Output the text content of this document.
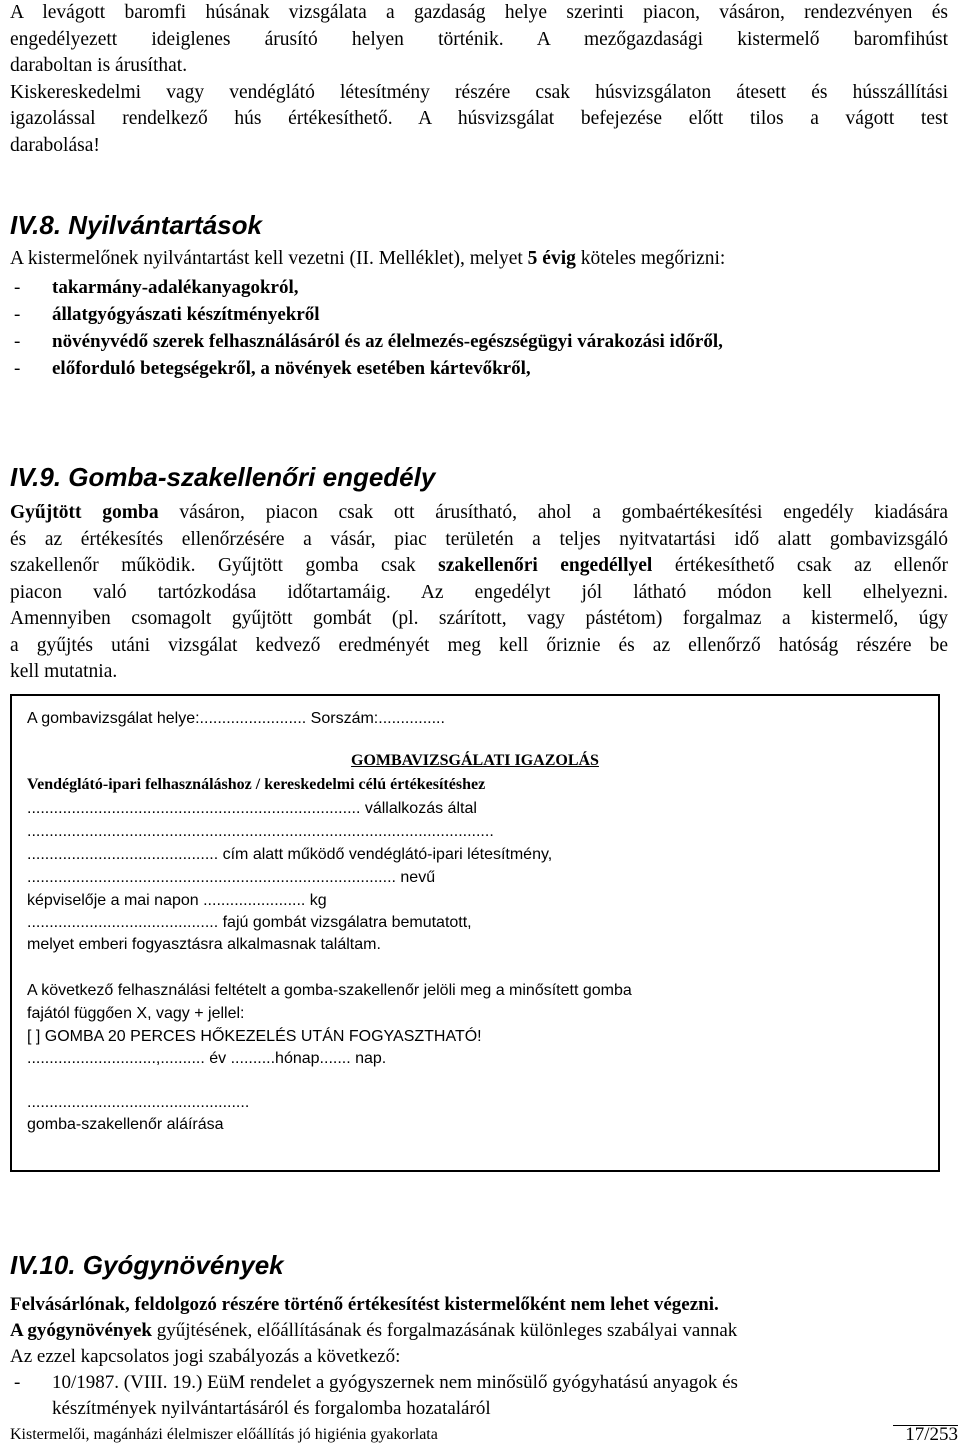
A levágott baromfi húsának vizsgálata a gazdaság helye szerinti piacon, vásáron, rendezvényen és
engedélyezett ideiglenes árusító helyen történik. A mezőgazdasági kistermelő baromfihúst
daraboltan is árusíthat.
Kiskereskedelmi vagy vendéglátó létesítmény részére csak húsvizsgálaton átesett és hússzállítási
igazolással rendelkező hús értékesíthető. A húsvizsgálat befejezése előtt tilos a vágott test
darabolása!
IV.8. Nyilvántartások
A kistermelőnek nyilvántartást kell vezetni (II. Melléklet), melyet 5 évig köteles megőrizni:
- takarmány-adalékanyagokról,
- állatgyógyászati készítményekről
- növényvédő szerek felhasználásáról és az élelmezés-egészségügyi várakozási időről,
- előforduló betegségekről, a növények esetében kártevőkről,
IV.9. Gomba-szakellenőri engedély
Gyűjtött gomba vásáron, piacon csak ott árusítható, ahol a gombaértékesítési engedély kiadására
és az értékesítés ellenőrzésére a vásár, piac területén a teljes nyitvatartási idő alatt gombavizsgáló
szakellenőr működik. Gyűjtött gomba csak szakellenőri engedéllyel értékesíthető csak az ellenőr
piacon való tartózkodása időtartamáig. Az engedélyt jól látható módon kell elhelyezni.
Amennyiben csomagolt gyűjtött gombát (pl. szárított, vagy pástétom) forgalmaz a kistermelő, úgy
a gyűjtés utáni vizsgálat kedvező eredményét meg kell őriznie és az ellenőrző hatóság részére be
kell mutatnia.
A gombavizsgálat helye:........................ Sorszám:...............
GOMBAVIZSGÁLATI IGAZOLÁS
Vendéglátó-ipari felhasználáshoz / kereskedelmi célú értékesítéshez
........................................................................... vállalkozás által
.........................................................................................................
........................................... cím alatt működő vendéglátó-ipari létesítmény,
................................................................................... nevű
képviselője a mai napon ....................... kg
........................................... fajú gombát vizsgálatra bemutatott,
melyet emberi fogyasztásra alkalmasnak találtam.
A következő felhasználási feltételt a gomba-szakellenőr jelöli meg a minősített gomba
fajától függően X, vagy + jellel:
[ ] GOMBA 20 PERCES HŐKEZELÉS UTÁN FOGYASZTHATÓ!
.............................,.......... év ..........hónap....... nap.
..................................................
gomba-szakellenőr aláírása
IV.10. Gyógynövények
Felvásárlónak, feldolgozó részére történő értékesítést kistermelőként nem lehet végezni.
A gyógynövények gyűjtésének, előállításának és forgalmazásának különleges szabályai vannak
Az ezzel kapcsolatos jogi szabályozás a következő:
- 10/1987. (VIII. 19.) EüM rendelet a gyógyszernek nem minősülő gyógyhatású anyagok és
készítmények nyilvántartásáról és forgalomba hozataláról
Kistermelői, magánházi élelmiszer előállítás jó higiénia gyakorlata	17/253
